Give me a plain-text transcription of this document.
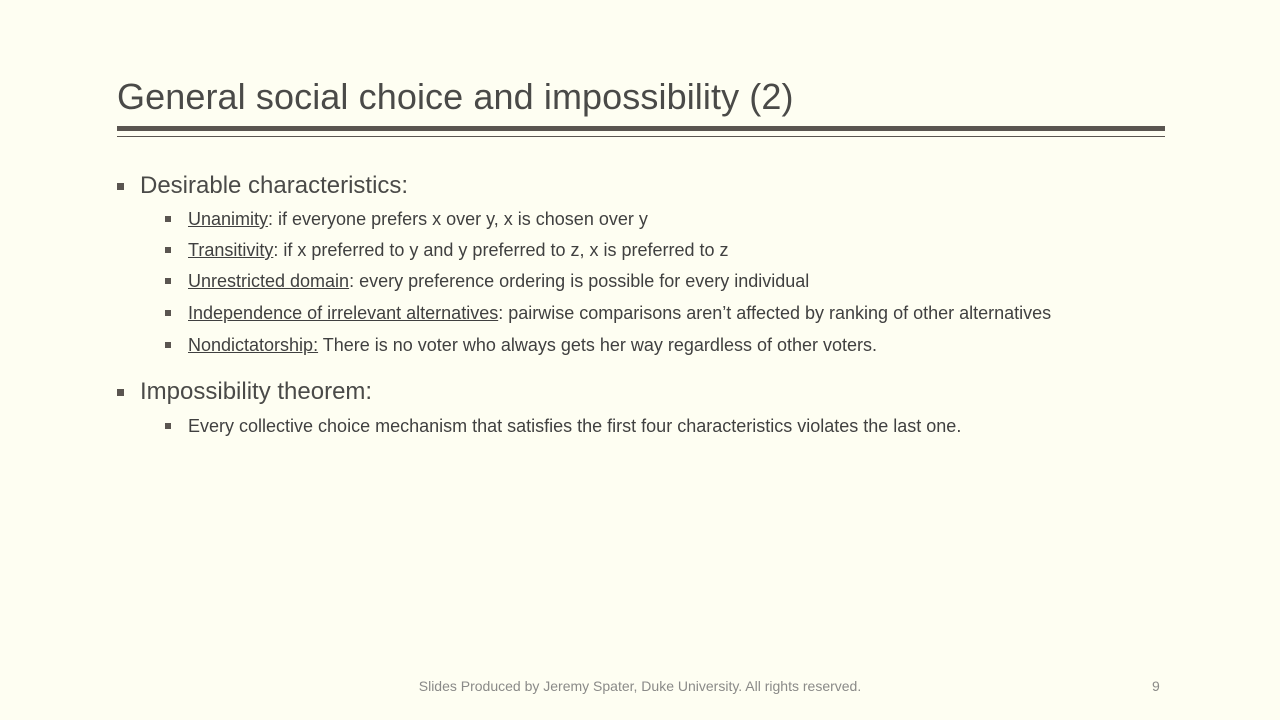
General social choice and impossibility (2)
Desirable characteristics:
Unanimity: if everyone prefers x over y, x is chosen over y
Transitivity: if x preferred to y and y preferred to z, x is preferred to z
Unrestricted domain: every preference ordering is possible for every individual
Independence of irrelevant alternatives: pairwise comparisons aren’t affected by ranking of other alternatives
Nondictatorship: There is no voter who always gets her way regardless of other voters.
Impossibility theorem:
Every collective choice mechanism that satisfies the first four characteristics violates the last one.
Slides Produced by Jeremy Spater, Duke University. All rights reserved.	9
